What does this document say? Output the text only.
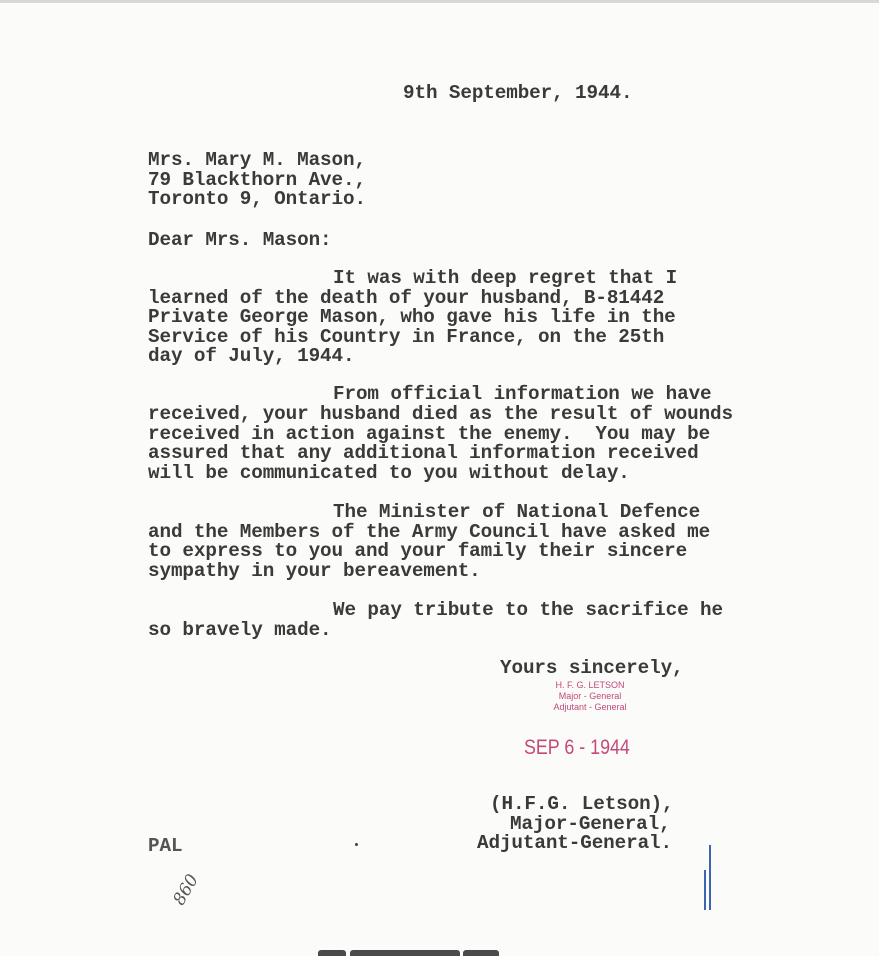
9th September, 1944.
Mrs. Mary M. Mason,
79 Blackthorn Ave.,
Toronto 9, Ontario.
Dear Mrs. Mason:
It was with deep regret that I
learned of the death of your husband, B-81442
Private George Mason, who gave his life in the
Service of his Country in France, on the 25th
day of July, 1944.
From official information we have
received, your husband died as the result of wounds
received in action against the enemy.  You may be
assured that any additional information received
will be communicated to you without delay.
The Minister of National Defence
and the Members of the Army Council have asked me
to express to you and your family their sincere
sympathy in your bereavement.
We pay tribute to the sacrifice he
so bravely made.
Yours sincerely,
H. F. G. LETSON
Major - General
Adjutant - General
SEP 6 - 1944
(H.F.G. Letson),
Major-General,
Adjutant-General.
PAL
860
